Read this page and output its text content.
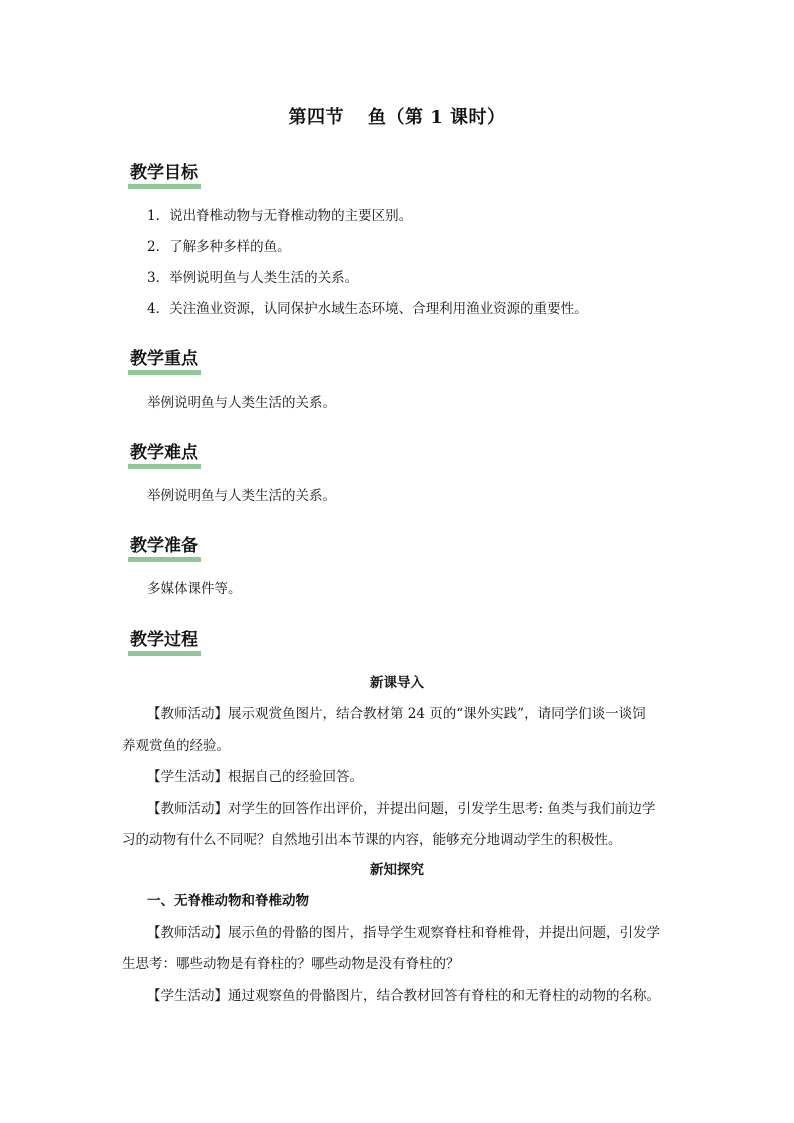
第四节 鱼（第 1 课时）
教学目标
1．说出脊椎动物与无脊椎动物的主要区别。
2．了解多种多样的鱼。
3．举例说明鱼与人类生活的关系。
4．关注渔业资源，认同保护水域生态环境、合理利用渔业资源的重要性。
教学重点
举例说明鱼与人类生活的关系。
教学难点
举例说明鱼与人类生活的关系。
教学准备
多媒体课件等。
教学过程
新课导入
【教师活动】展示观赏鱼图片，结合教材第 24 页的“课外实践”，请同学们谈一谈饲
养观赏鱼的经验。
【学生活动】根据自己的经验回答。
【教师活动】对学生的回答作出评价，并提出问题，引发学生思考: 鱼类与我们前边学
习的动物有什么不同呢？自然地引出本节课的内容，能够充分地调动学生的积极性。
新知探究
一、无脊椎动物和脊椎动物
【教师活动】展示鱼的骨骼的图片，指导学生观察脊柱和脊椎骨，并提出问题，引发学
生思考：哪些动物是有脊柱的？哪些动物是没有脊柱的？
【学生活动】通过观察鱼的骨骼图片，结合教材回答有脊柱的和无脊柱的动物的名称。
